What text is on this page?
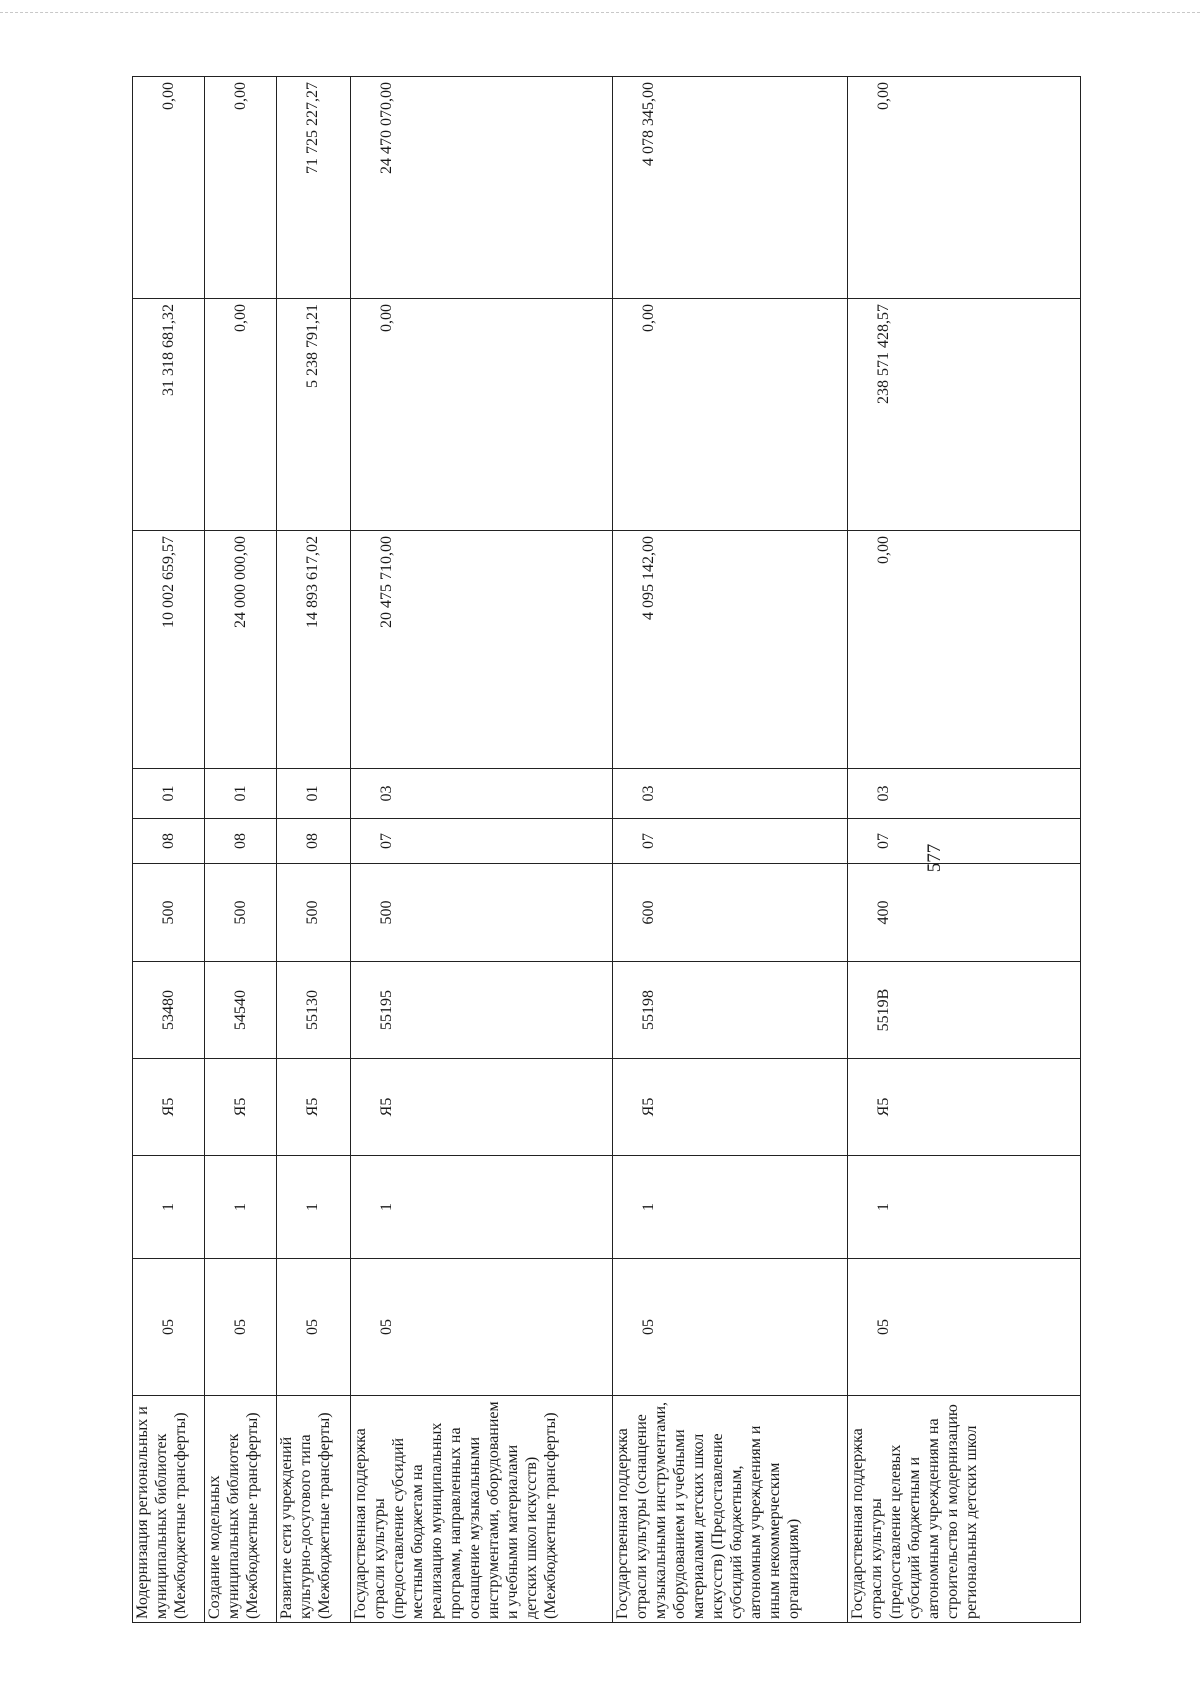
577
Модернизация региональных и муниципальных библиотек (Межбюджетные трансферты)	05	1	Я5	53480	500	08	01	10 002 659,57	31 318 681,32	0,00
Создание модельных муниципальных библиотек (Межбюджетные трансферты)	05	1	Я5	54540	500	08	01	24 000 000,00	0,00	0,00
Развитие сети учреждений культурно-досугового типа (Межбюджетные трансферты)	05	1	Я5	55130	500	08	01	14 893 617,02	5 238 791,21	71 725 227,27
Государственная поддержка отрасли культуры (предоставление субсидий местным бюджетам на реализацию муниципальных программ, направленных на оснащение музыкальными инструментами, оборудованием и учебными материалами детских школ искусств) (Межбюджетные трансферты)	05	1	Я5	55195	500	07	03	20 475 710,00	0,00	24 470 070,00
Государственная поддержка отрасли культуры (оснащение музыкальными инструментами, оборудованием и учебными материалами детских школ искусств) (Предоставление субсидий бюджетным, автономным учреждениям и иным некоммерческим организациям)	05	1	Я5	55198	600	07	03	4 095 142,00	0,00	4 078 345,00
Государственная поддержка отрасли культуры (предоставление целевых субсидий бюджетным и автономным учреждениям на строительство и модернизацию региональных детских школ	05	1	Я5	5519В	400	07	03	0,00	238 571 428,57	0,00
